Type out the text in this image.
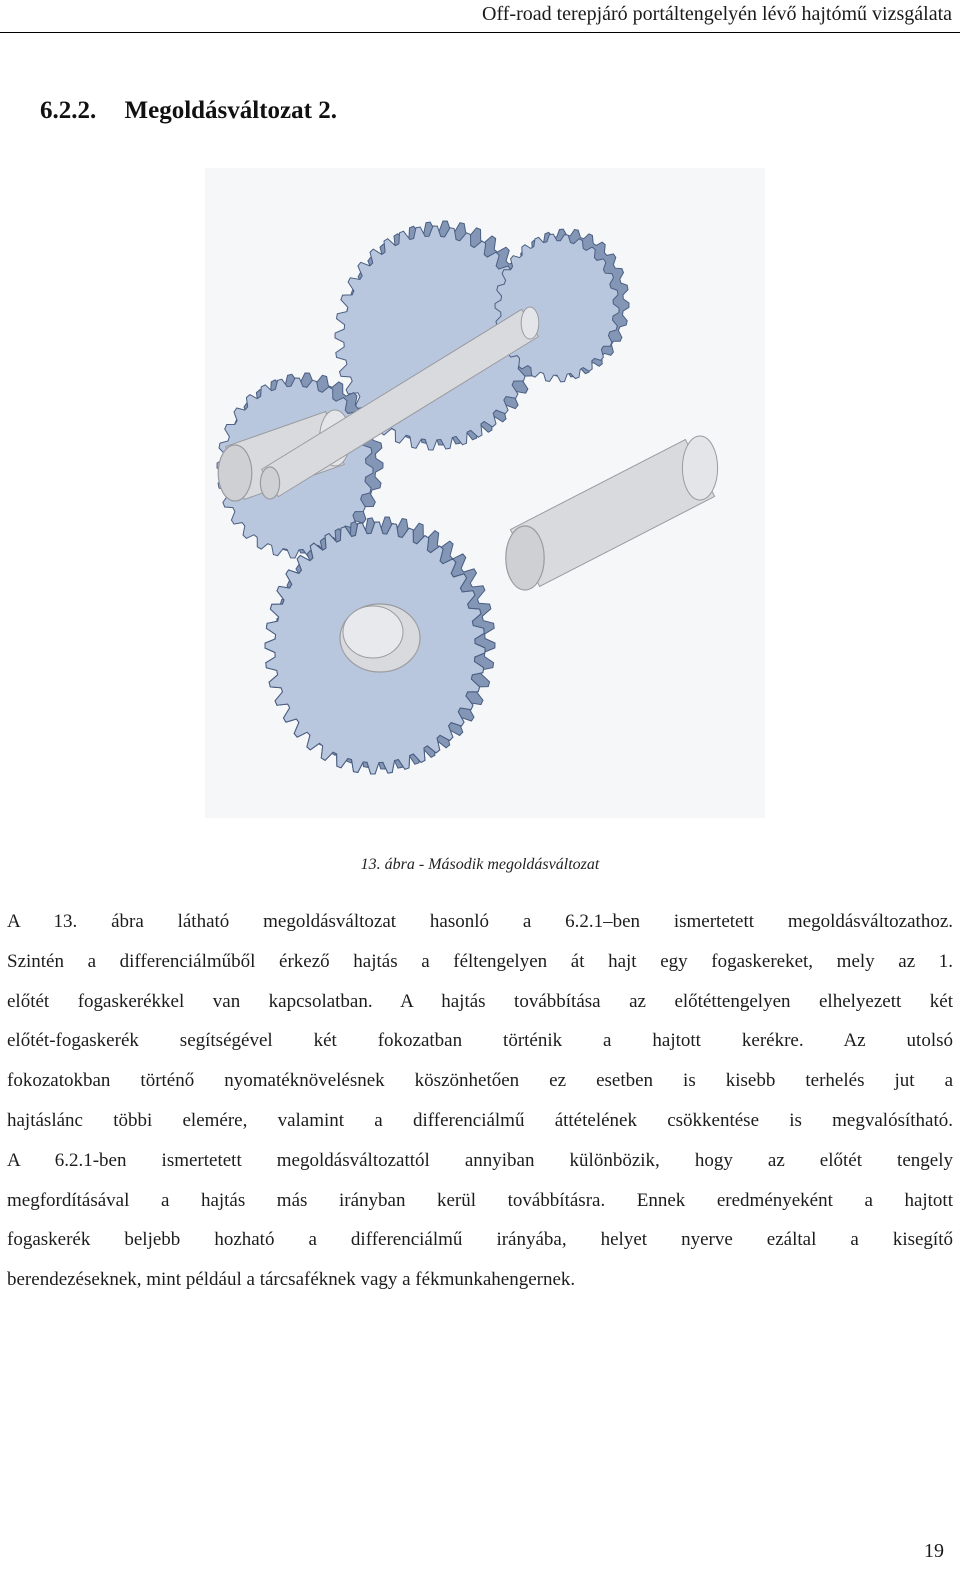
Off-road terepjáró portáltengelyén lévő hajtómű vizsgálata
6.2.2. Megoldásváltozat 2.
13. ábra - Második megoldásváltozat

A 13. ábra látható megoldásváltozat hasonló a 6.2.1–ben ismertetett megoldásváltozathoz.
Szintén a differenciálműből érkező hajtás a féltengelyen át hajt egy fogaskereket, mely az 1.
előtét fogaskerékkel van kapcsolatban. A hajtás továbbítása az előtéttengelyen elhelyezett két
előtét-fogaskerék segítségével két fokozatban történik a hajtott kerékre. Az utolsó
fokozatokban történő nyomatéknövelésnek köszönhetően ez esetben is kisebb terhelés jut a
hajtáslánc többi elemére, valamint a differenciálmű áttételének csökkentése is megvalósítható.
A 6.2.1-ben ismertetett megoldásváltozattól annyiban különbözik, hogy az előtét tengely
megfordításával a hajtás más irányban kerül továbbításra. Ennek eredményeként a hajtott
fogaskerék beljebb hozható a differenciálmű irányába, helyet nyerve ezáltal a kisegítő
berendezéseknek, mint például a tárcsaféknek vagy a fékmunkahengernek.

19
